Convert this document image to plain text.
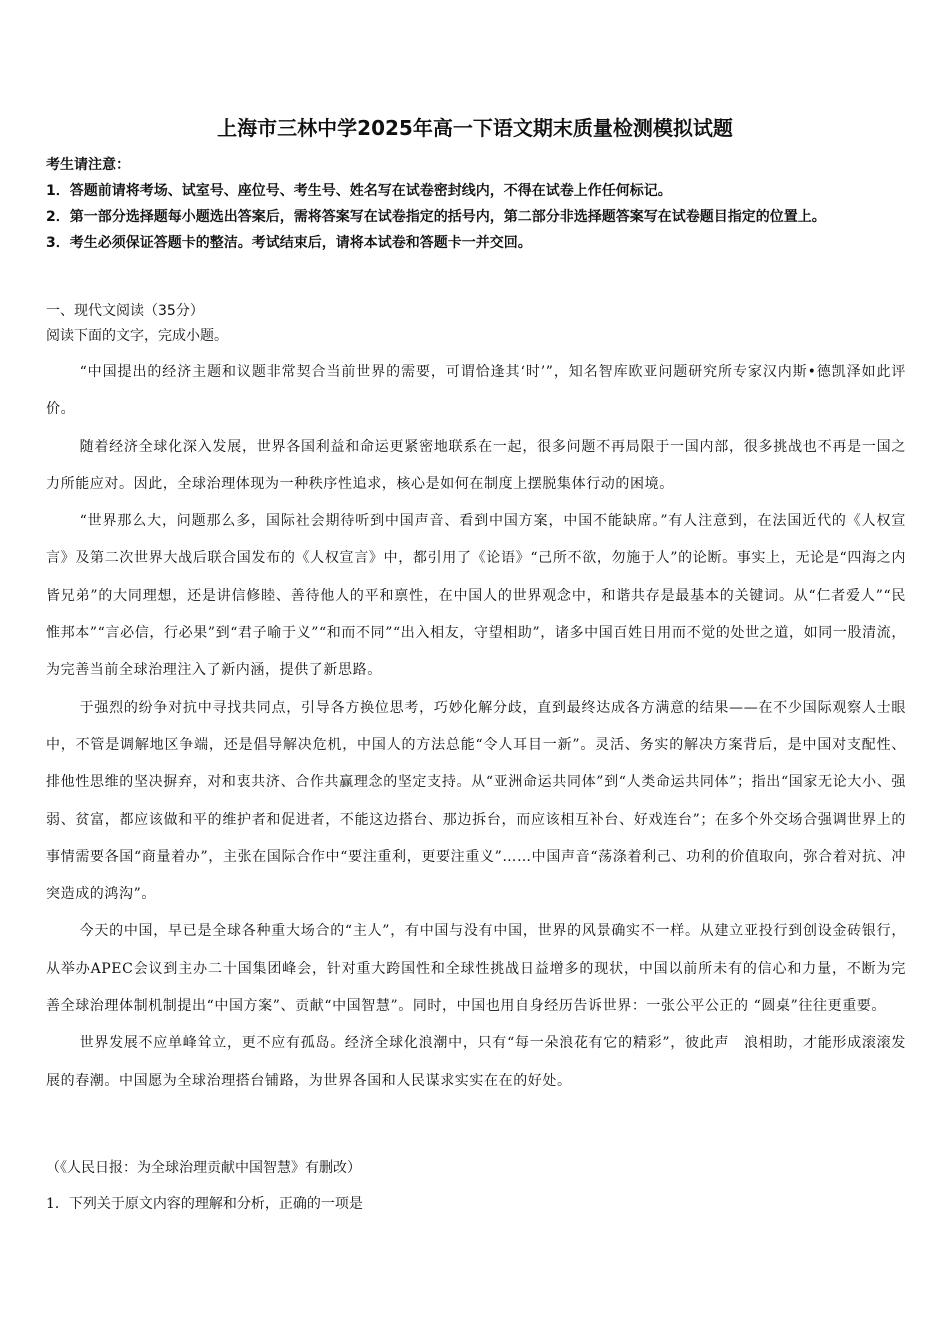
上海市三林中学2025年高一下语文期末质量检测模拟试题
考生请注意：
1．答题前请将考场、试室号、座位号、考生号、姓名写在试卷密封线内，不得在试卷上作任何标记。
2．第一部分选择题每小题选出答案后，需将答案写在试卷指定的括号内，第二部分非选择题答案写在试卷题目指定的位置上。
3．考生必须保证答题卡的整洁。考试结束后，请将本试卷和答题卡一并交回。
一、现代文阅读（35分）
阅读下面的文字，完成小题。

“中国提出的经济主题和议题非常契合当前世界的需要，可谓恰逢其‘时’”，知名智库欧亚问题研究所专家汉内斯•德凯泽如此评价。

随着经济全球化深入发展，世界各国利益和命运更紧密地联系在一起，很多问题不再局限于一国内部，很多挑战也不再是一国之力所能应对。因此，全球治理体现为一种秩序性追求，核心是如何在制度上摆脱集体行动的困境。

“世界那么大，问题那么多，国际社会期待听到中国声音、看到中国方案，中国不能缺席。”有人注意到，在法国近代的《人权宣言》及第二次世界大战后联合国发布的《人权宣言》中，都引用了《论语》“己所不欲，勿施于人”的论断。事实上，无论是“四海之内皆兄弟”的大同理想，还是讲信修睦、善待他人的平和禀性，在中国人的世界观念中，和谐共存是最基本的关键词。从“仁者爱人”“民惟邦本”“言必信，行必果”到“君子喻于义”“和而不同”“出入相友，守望相助”，诸多中国百姓日用而不觉的处世之道，如同一股清流，为完善当前全球治理注入了新内涵，提供了新思路。

于强烈的纷争对抗中寻找共同点，引导各方换位思考，巧妙化解分歧，直到最终达成各方满意的结果——在不少国际观察人士眼中，不管是调解地区争端，还是倡导解决危机，中国人的方法总能“令人耳目一新”。灵活、务实的解决方案背后，是中国对支配性、排他性思维的坚决摒弃，对和衷共济、合作共赢理念的坚定支持。从“亚洲命运共同体”到“人类命运共同体”；指出“国家无论大小、强弱、贫富，都应该做和平的维护者和促进者，不能这边搭台、那边拆台，而应该相互补台、好戏连台”；在多个外交场合强调世界上的事情需要各国“商量着办”，主张在国际合作中“要注重利，更要注重义”……中国声音“荡涤着利己、功利的价值取向，弥合着对抗、冲突造成的鸿沟”。

今天的中国，早已是全球各种重大场合的“主人”，有中国与没有中国，世界的风景确实不一样。从建立亚投行到创设金砖银行，从举办APEC会议到主办二十国集团峰会，针对重大跨国性和全球性挑战日益增多的现状，中国以前所未有的信心和力量，不断为完善全球治理体制机制提出“中国方案”、贡献“中国智慧”。同时，中国也用自身经历告诉世界：一张公平公正的 “圆桌”往往更重要。

世界发展不应单峰耸立，更不应有孤岛。经济全球化浪潮中，只有“每一朵浪花有它的精彩”，彼此声　浪相助，才能形成滚滚发展的春潮。中国愿为全球治理搭台铺路，为世界各国和人民谋求实实在在的好处。

（《人民日报：为全球治理贡献中国智慧》有删改）
1．下列关于原文内容的理解和分析，正确的一项是
